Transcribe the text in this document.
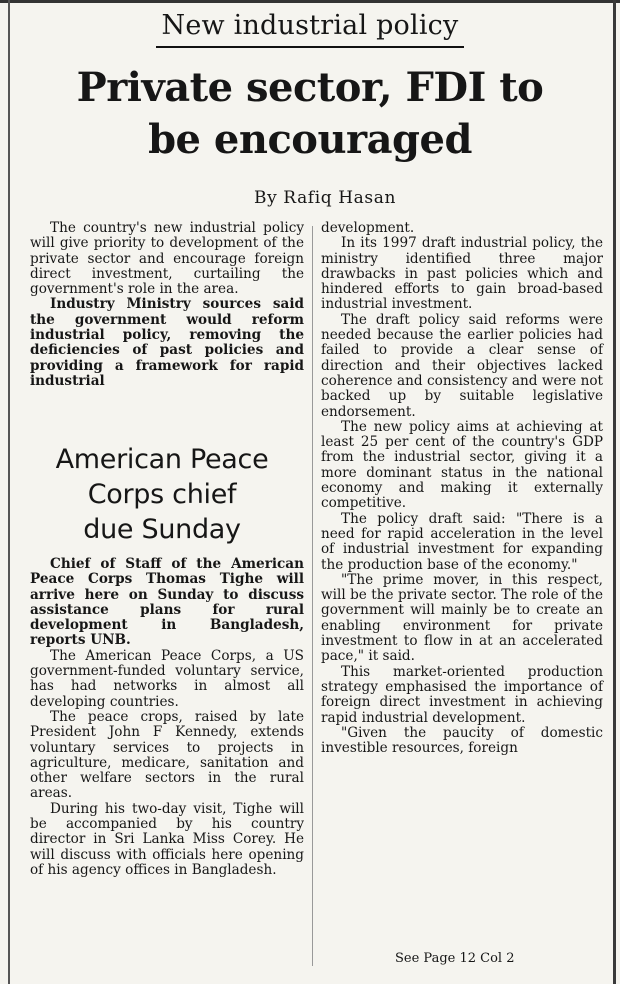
New industrial policy
Private sector, FDI to
be encouraged
By Rafiq Hasan

The country's new industrial policy will give priority to development of the private sector and encourage foreign direct investment, curtailing the government's role in the area.

Industry Ministry sources said the government would reform industrial policy, removing the deficiencies of past policies and providing a framework for rapid industrial

American Peace
Corps chief
due Sunday

Chief of Staff of the American Peace Corps Thomas Tighe will arrive here on Sunday to discuss assistance plans for rural development in Bangladesh, reports UNB.

The American Peace Corps, a US government-funded voluntary service, has had networks in almost all developing countries.

The peace crops, raised by late President John F Kennedy, extends voluntary services to projects in agriculture, medicare, sanitation and other welfare sectors in the rural areas.

During his two-day visit, Tighe will be accompanied by his country director in Sri Lanka Miss Corey. He will discuss with officials here opening of his agency offices in Bangladesh.

development.

In its 1997 draft industrial policy, the ministry identified three major drawbacks in past policies which and hindered efforts to gain broad-based industrial investment.

The draft policy said reforms were needed because the earlier policies had failed to provide a clear sense of direction and their objectives lacked coherence and consistency and were not backed up by suitable legislative endorsement.

The new policy aims at achieving at least 25 per cent of the country's GDP from the industrial sector, giving it a more dominant status in the national economy and making it externally competitive.

The policy draft said: "There is a need for rapid acceleration in the level of industrial investment for expanding the production base of the economy."

"The prime mover, in this respect, will be the private sector. The role of the government will mainly be to create an enabling environment for private investment to flow in at an accelerated pace," it said.

This market-oriented production strategy emphasised the importance of foreign direct investment in achieving rapid industrial development.

"Given the paucity of domestic investible resources, foreign

See Page 12 Col 2
